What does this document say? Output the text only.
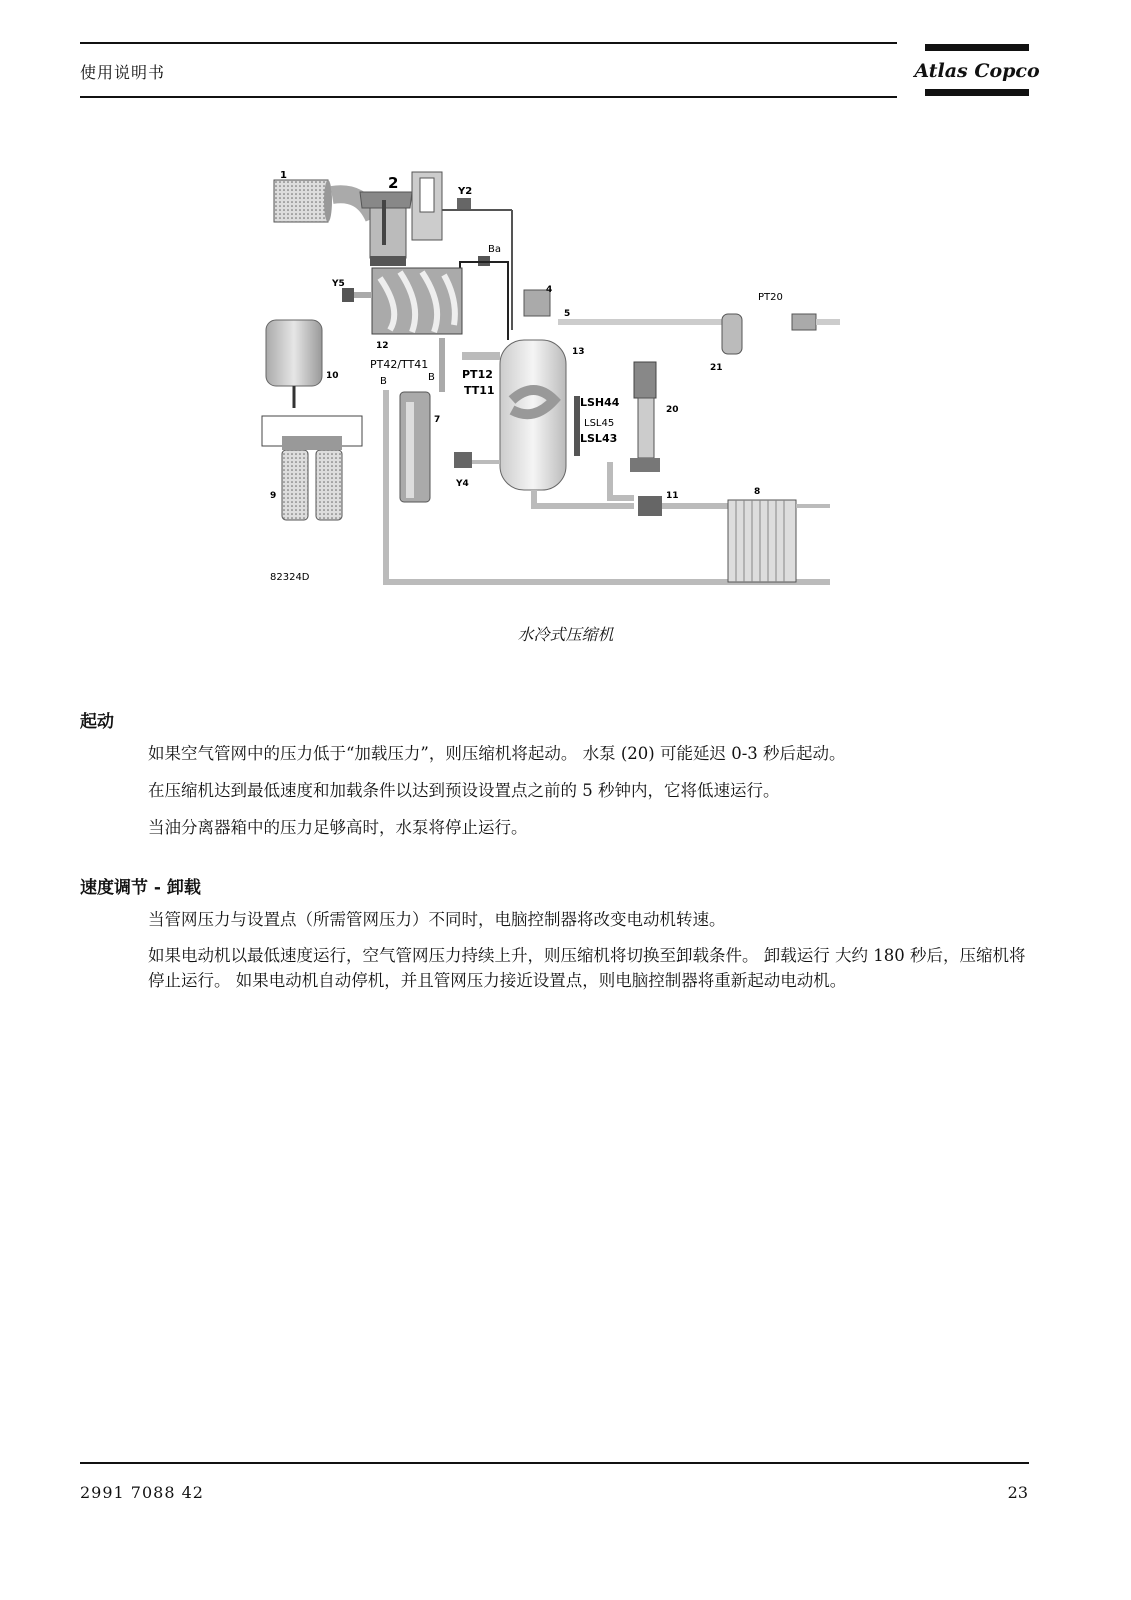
使用说明书	Atlas Copco
1	2	Y2
Ba
4
5
PT20
Y5
12
13
10
PT42/TT41
B	B PT12
TT11
21
20
LSH44
LSL45
LSL43
7
9
Y4
11	8
82324D
水冷式压缩机
起动
如果空气管网中的压力低于“加载压力”，则压缩机将起动。 水泵 (20) 可能延迟 0-3 秒后起动。
在压缩机达到最低速度和加载条件以达到预设设置点之前的 5 秒钟内，它将低速运行。
当油分离器箱中的压力足够高时，水泵将停止运行。
速度调节 - 卸载
当管网压力与设置点（所需管网压力）不同时，电脑控制器将改变电动机转速。
如果电动机以最低速度运行，空气管网压力持续上升，则压缩机将切换至卸载条件。 卸载运行 大约 180 秒后，压缩机将停止运行。 如果电动机自动停机，并且管网压力接近设置点，则电脑控制器将重新起动电动机。
2991 7088 42	23
